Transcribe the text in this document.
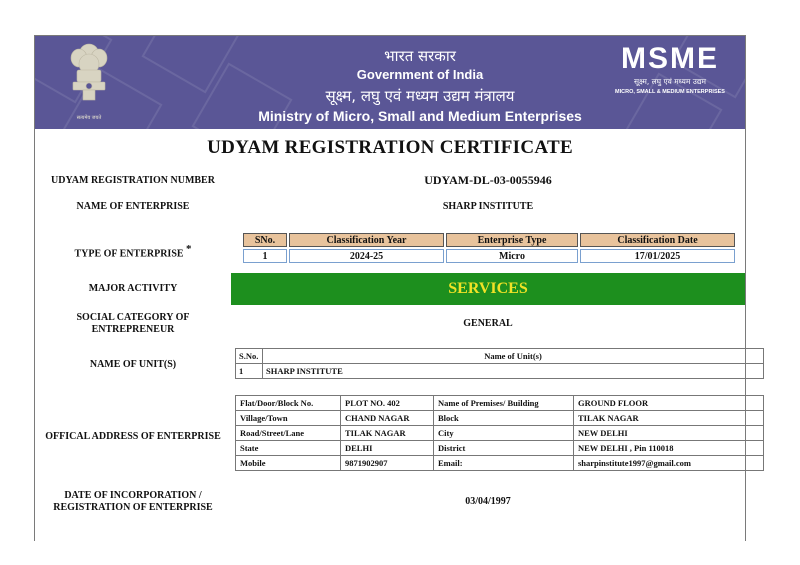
सत्यमेव जयते
भारत सरकार
Government of India
सूक्ष्म, लघु एवं मध्यम उद्यम मंत्रालय
Ministry of Micro, Small and Medium Enterprises
MSME
सूक्ष्म, लघु एवं मध्यम उद्यम
MICRO, SMALL & MEDIUM ENTERPRISES
UDYAM REGISTRATION CERTIFICATE
UDYAM REGISTRATION NUMBER	UDYAM-DL-03-0055946
NAME OF ENTERPRISE	SHARP INSTITUTE
TYPE OF ENTERPRISE *
SNo.	Classification Year	Enterprise Type	Classification Date
1	2024-25	Micro	17/01/2025
MAJOR ACTIVITY	SERVICES
SOCIAL CATEGORY OF
ENTREPRENEUR
GENERAL
NAME OF UNIT(S)
S.No.	Name of Unit(s)
1	SHARP INSTITUTE
OFFICAL ADDRESS OF ENTERPRISE
Flat/Door/Block No.	PLOT NO. 402	Name of Premises/ Building	GROUND FLOOR
Village/Town	CHAND NAGAR	Block	TILAK NAGAR
Road/Street/Lane	TILAK NAGAR	City	NEW DELHI
State	DELHI	District	NEW DELHI , Pin 110018
Mobile	9871902907	Email:	sharpinstitute1997@gmail.com
DATE OF INCORPORATION /
REGISTRATION OF ENTERPRISE
03/04/1997
